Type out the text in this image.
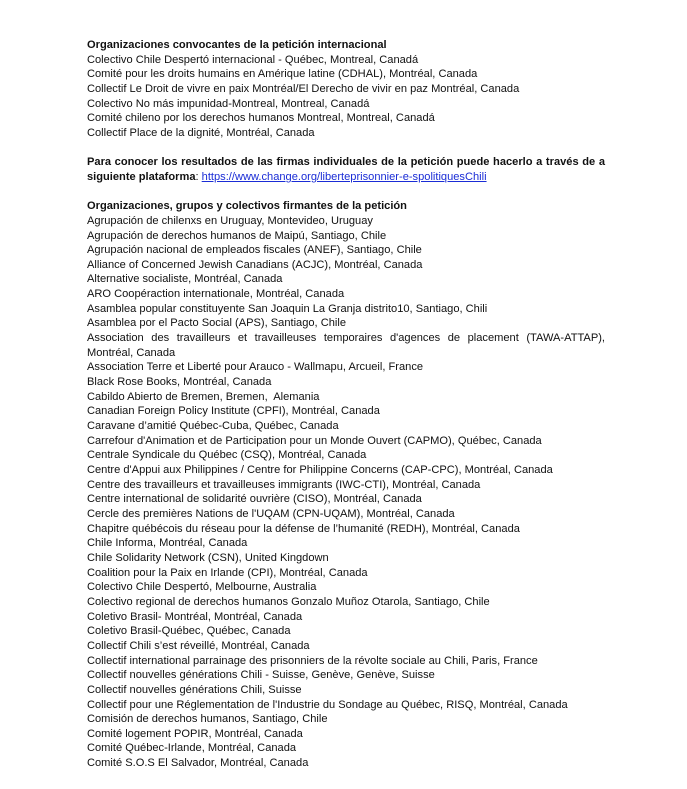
Organizaciones convocantes de la petición internacional
Colectivo Chile Despertó internacional - Québec, Montreal, Canadá
Comité pour les droits humains en Amérique latine (CDHAL), Montréal, Canada
Collectif Le Droit de vivre en paix Montréal/El Derecho de vivir en paz Montréal, Canada
Colectivo No más impunidad-Montreal, Montreal, Canadá
Comité chileno por los derechos humanos Montreal, Montreal, Canadá
Collectif Place de la dignité, Montréal, Canada
Para conocer los resultados de las firmas individuales de la petición puede hacerlo a través de a
siguiente plataforma: https://www.change.org/liberteprisonnier-e-spolitiquesChili
Organizaciones, grupos y colectivos firmantes de la petición
Agrupación de chilenxs en Uruguay, Montevideo, Uruguay
Agrupación de derechos humanos de Maipú, Santiago, Chile
Agrupación nacional de empleados fiscales (ANEF), Santiago, Chile
Alliance of Concerned Jewish Canadians (ACJC), Montréal, Canada
Alternative socialiste, Montréal, Canada
ARO Coopéraction internationale, Montréal, Canada
Asamblea popular constituyente San Joaquin La Granja distrito10, Santiago, Chili
Asamblea por el Pacto Social (APS), Santiago, Chile
Association des travailleurs et travailleuses temporaires d'agences de placement (TAWA-ATTAP),
Montréal, Canada
Association Terre et Liberté pour Arauco - Wallmapu, Arcueil, France
Black Rose Books, Montréal, Canada
Cabildo Abierto de Bremen, Bremen,  Alemania
Canadian Foreign Policy Institute (CPFI), Montréal, Canada
Caravane d’amitié Québec-Cuba, Québec, Canada
Carrefour d'Animation et de Participation pour un Monde Ouvert (CAPMO), Québec, Canada
Centrale Syndicale du Québec (CSQ), Montréal, Canada
Centre d'Appui aux Philippines / Centre for Philippine Concerns (CAP-CPC), Montréal, Canada
Centre des travailleurs et travailleuses immigrants (IWC-CTI), Montréal, Canada
Centre international de solidarité ouvrière (CISO), Montréal, Canada
Cercle des premières Nations de l'UQAM (CPN-UQAM), Montréal, Canada
Chapitre québécois du réseau pour la défense de l’humanité (REDH), Montréal, Canada
Chile Informa, Montréal, Canada
Chile Solidarity Network (CSN), United Kingdown
Coalition pour la Paix en Irlande (CPI), Montréal, Canada
Colectivo Chile Despertó, Melbourne, Australia
Colectivo regional de derechos humanos Gonzalo Muñoz Otarola, Santiago, Chile
Coletivo Brasil- Montréal, Montréal, Canada
Coletivo Brasil-Québec, Québec, Canada
Collectif Chili s’est réveillé, Montréal, Canada
Collectif international parrainage des prisonniers de la révolte sociale au Chili, Paris, France
Collectif nouvelles générations Chili - Suisse, Genève, Genève, Suisse
Collectif nouvelles générations Chili, Suisse
Collectif pour une Réglementation de l'Industrie du Sondage au Québec, RISQ, Montréal, Canada
Comisión de derechos humanos, Santiago, Chile
Comité logement POPIR, Montréal, Canada
Comité Québec-Irlande, Montréal, Canada
Comité S.O.S El Salvador, Montréal, Canada
